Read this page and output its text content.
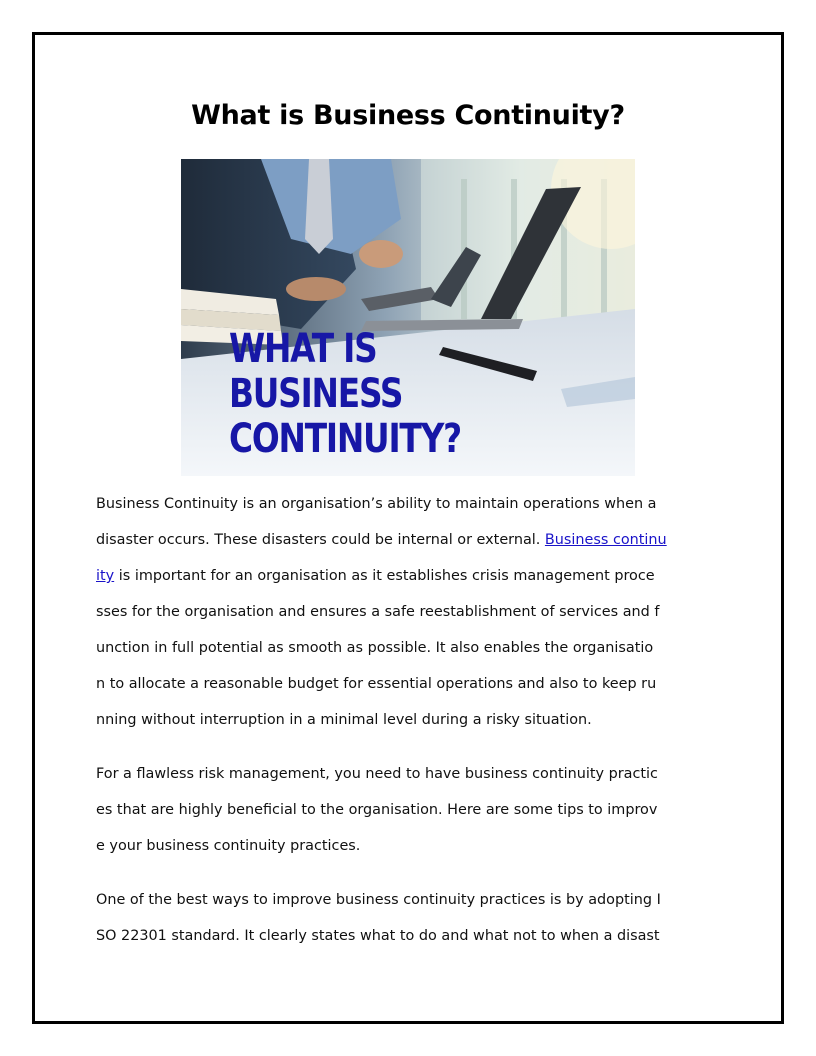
What is Business Continuity?
WHAT IS
BUSINESS
CONTINUITY?

Business Continuity is an organisation’s ability to maintain operations when a
disaster occurs. These disasters could be internal or external. Business continu
ity is important for an organisation as it establishes crisis management proce
sses for the organisation and ensures a safe reestablishment of services and f
unction in full potential as smooth as possible. It also enables the organisatio
n to allocate a reasonable budget for essential operations and also to keep ru
nning without interruption in a minimal level during a risky situation.

For a flawless risk management, you need to have business continuity practic
es that are highly beneficial to the organisation. Here are some tips to improv
e your business continuity practices.

One of the best ways to improve business continuity practices is by adopting I
SO 22301 standard. It clearly states what to do and what not to when a disast
